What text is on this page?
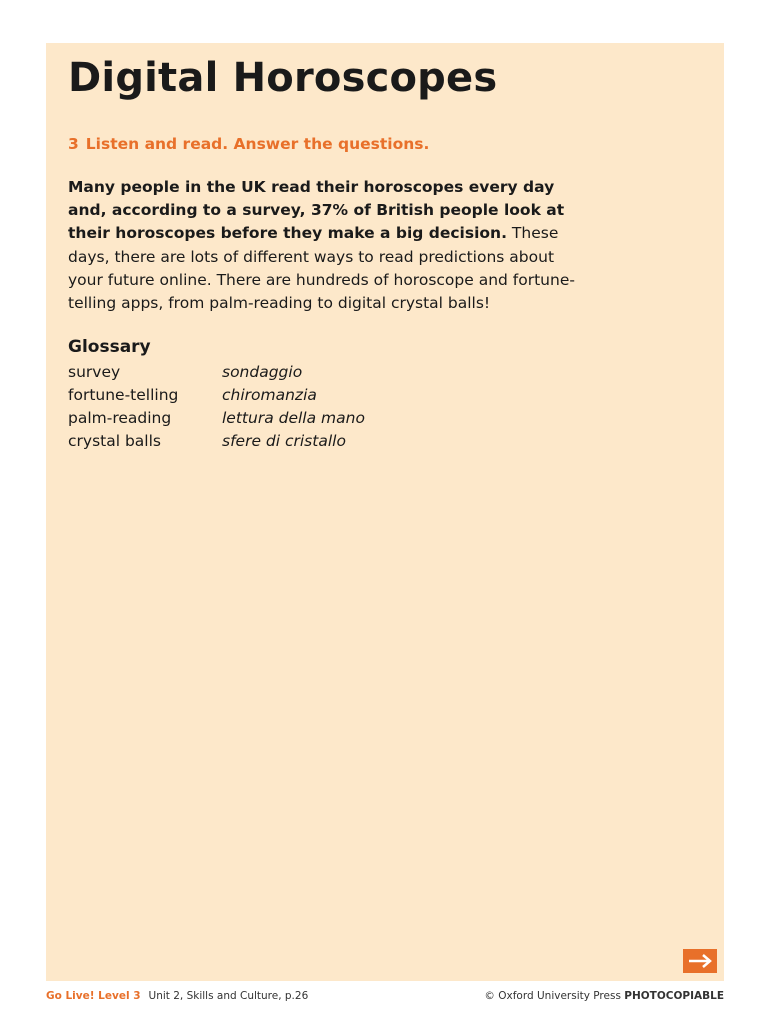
Digital Horoscopes
3 Listen and read. Answer the questions.

Many people in the UK read their horoscopes every day and, according to a survey, 37% of British people look at their horoscopes before they make a big decision. These days, there are lots of different ways to read predictions about your future online. There are hundreds of horoscope and fortune-telling apps, from palm-reading to digital crystal balls!

Glossary
survey	sondaggio
fortune-telling	chiromanzia
palm-reading	lettura della mano
crystal balls	sfere di cristallo
Go Live! Level 3 Unit 2, Skills and Culture, p.26	© Oxford University Press PHOTOCOPIABLE
